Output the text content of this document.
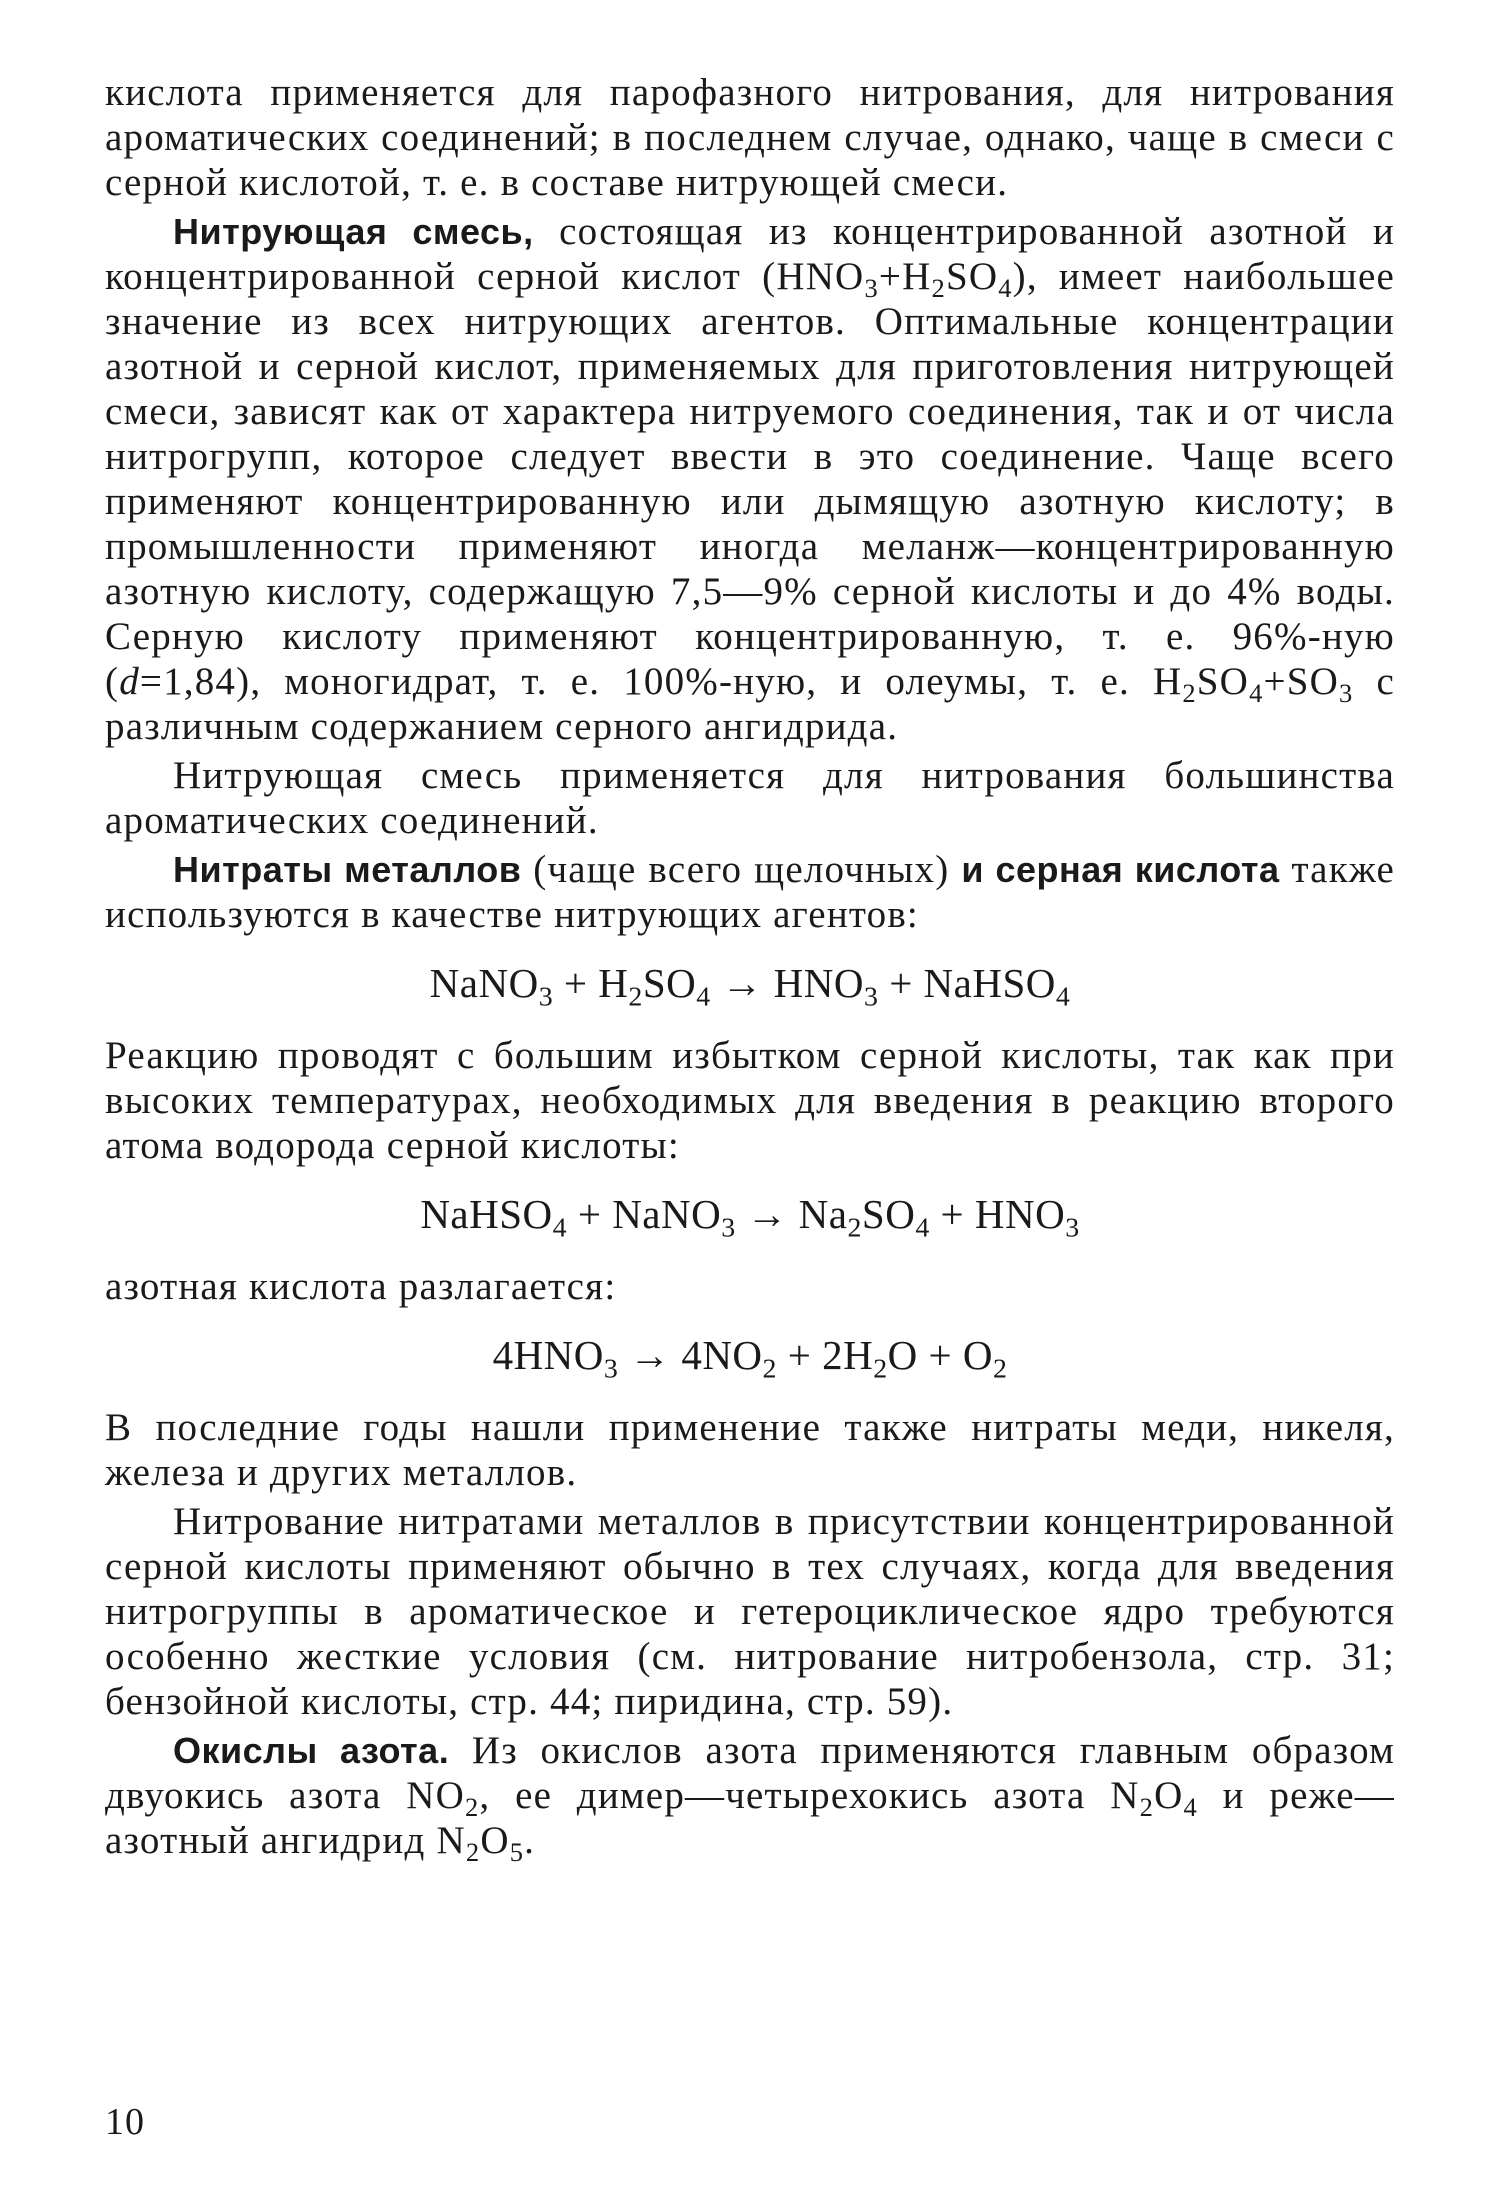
кислота применяется для парофазного нитрования, для нитрования ароматических соединений; в последнем случае, однако, чаще в смеси с серной кислотой, т. е. в составе нитрующей смеси.

Нитрующая смесь, состоящая из концентрированной азотной и концентрированной серной кислот $(HNO_3+H_2SO_4)$, имеет наибольшее значение из всех нитрующих агентов. Оптимальные концентрации азотной и серной кислот, применяемых для приготовления нитрующей смеси, зависят как от характера нитруемого соединения, так и от числа нитрогрупп, которое следует ввести в это соединение. Чаще всего применяют концентрированную или дымящую азотную кислоту; в промышленности применяют иногда меланж—концентрированную азотную кислоту, содержащую 7,5—9% серной кислоты и до 4% воды. Серную кислоту применяют концентрированную, т. е. 96%-ную (d=1,84), моногидрат, т. е. 100%-ную, и олеумы, т. е. $H_2SO_4+SO_3$ с различным содержанием серного ангидрида.

Нитрующая смесь применяется для нитрования большинства ароматических соединений.

Нитраты металлов (чаще всего щелочных) и серная кислота также используются в качестве нитрующих агентов:

NaNO$_3$ + $H_2SO_4 \to HNO_3$ + NaHSO$_4$

Реакцию проводят с большим избытком серной кислоты, так как при высоких температурах, необходимых для введения в реакцию второго атома водорода серной кислоты:

NaHSO$_4$ + NaNO$_3$ → $Na_2SO_4 + HNO_3$

азотная кислота разлагается:

$4HNO_3 \to 4NO_2 + 2H_2O + O_2$

В последние годы нашли применение также нитраты меди, никеля, железа и других металлов.

Нитрование нитратами металлов в присутствии концентрированной серной кислоты применяют обычно в тех случаях, когда для введения нитрогруппы в ароматическое и гетероциклическое ядро требуются особенно жесткие условия (см. нитрование нитробензола, стр. 31; бензойной кислоты, стр. 44; пиридина, стр. 59).

Окислы азота. Из окислов азота применяются главным образом двуокись азота $NO_2$, ее димер—четырехокись азота $N_2O_4$ и реже—азотный ангидрид $N_2O_5$.

10
